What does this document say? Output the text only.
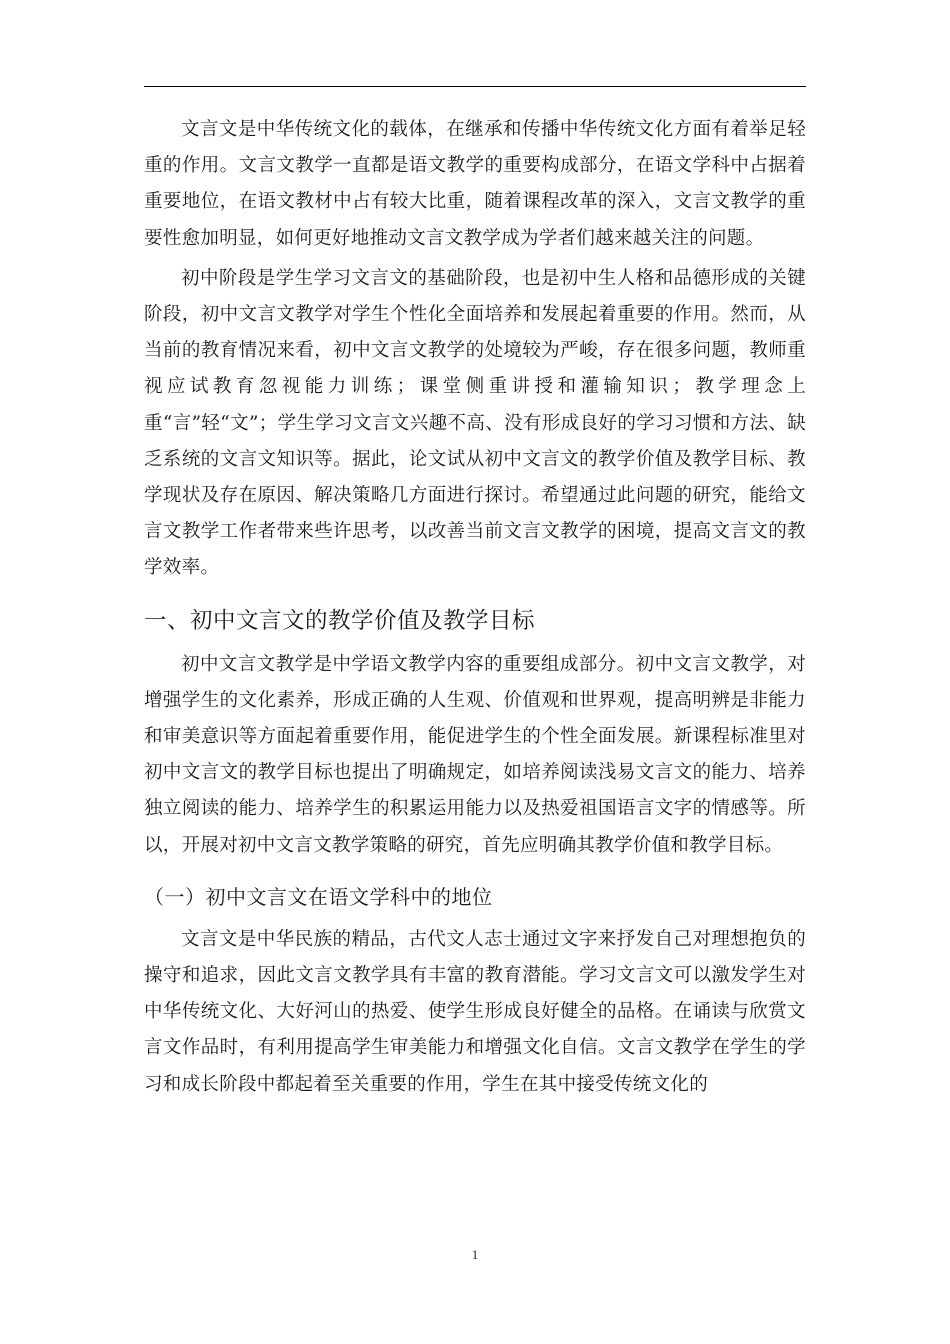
文言文是中华传统文化的载体，在继承和传播中华传统文化方面有着举足轻重的作用。文言文教学一直都是语文教学的重要构成部分，在语文学科中占据着重要地位，在语文教材中占有较大比重，随着课程改革的深入，文言文教学的重要性愈加明显，如何更好地推动文言文教学成为学者们越来越关注的问题。

初中阶段是学生学习文言文的基础阶段，也是初中生人格和品德形成的关键阶段，初中文言文教学对学生个性化全面培养和发展起着重要的作用。然而，从当前的教育情况来看，初中文言文教学的处境较为严峻，存在很多问题，教师重视应试教育忽视能力训练；课堂侧重讲授和灌输知识；教学理念上重“言”轻“文”；学生学习文言文兴趣不高、没有形成良好的学习习惯和方法、缺乏系统的文言文知识等。据此，论文试从初中文言文的教学价值及教学目标、教学现状及存在原因、解决策略几方面进行探讨。希望通过此问题的研究，能给文言文教学工作者带来些许思考，以改善当前文言文教学的困境，提高文言文的教学效率。

一、初中文言文的教学价值及教学目标

初中文言文教学是中学语文教学内容的重要组成部分。初中文言文教学，对增强学生的文化素养，形成正确的人生观、价值观和世界观，提高明辨是非能力和审美意识等方面起着重要作用，能促进学生的个性全面发展。新课程标准里对初中文言文的教学目标也提出了明确规定，如培养阅读浅易文言文的能力、培养独立阅读的能力、培养学生的积累运用能力以及热爱祖国语言文字的情感等。所以，开展对初中文言文教学策略的研究，首先应明确其教学价值和教学目标。

（一）初中文言文在语文学科中的地位

文言文是中华民族的精品，古代文人志士通过文字来抒发自己对理想抱负的操守和追求，因此文言文教学具有丰富的教育潜能。学习文言文可以激发学生对中华传统文化、大好河山的热爱、使学生形成良好健全的品格。在诵读与欣赏文言文作品时，有利用提高学生审美能力和增强文化自信。文言文教学在学生的学习和成长阶段中都起着至关重要的作用，学生在其中接受传统文化的

1
